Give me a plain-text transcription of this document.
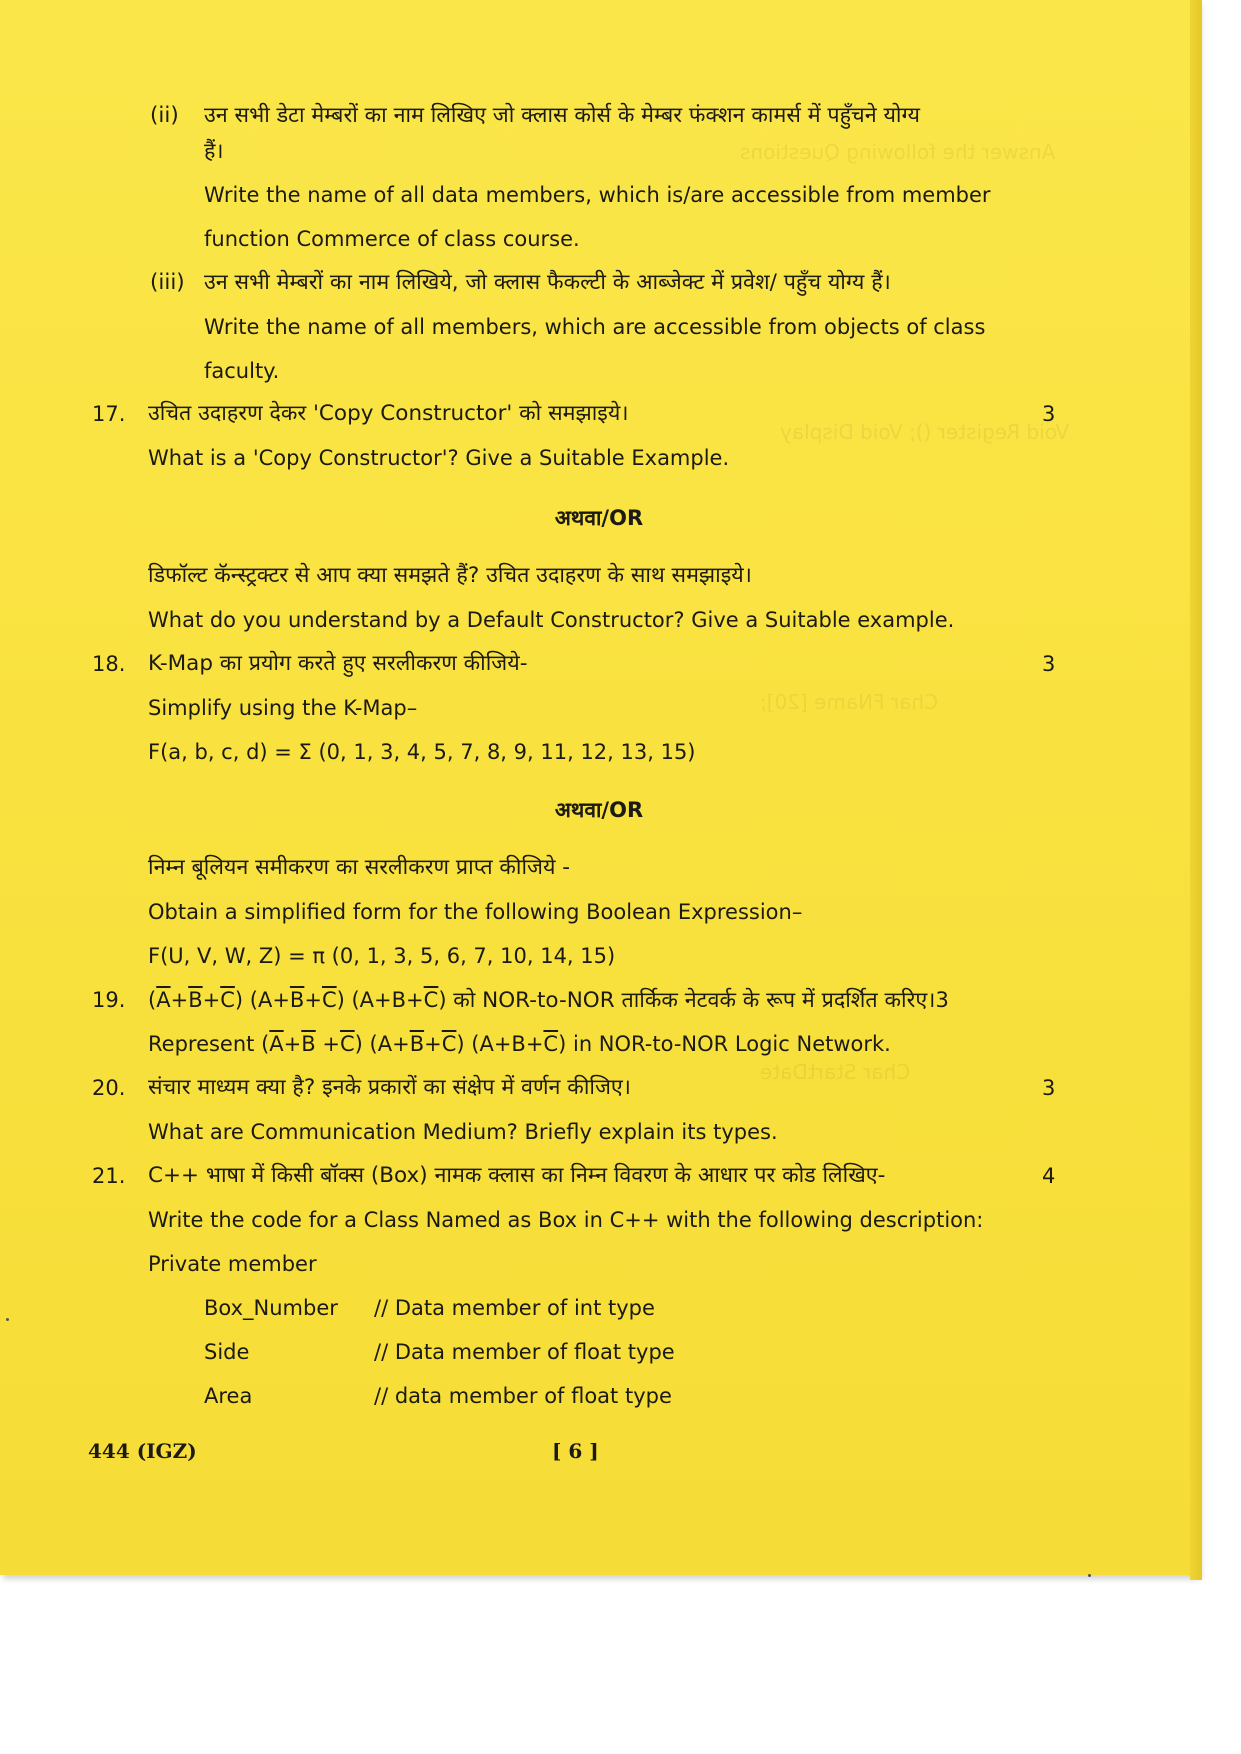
Answer the following Questions
Void Register (); Void Display
Char FName [20];
Char StartDate
(ii) उन सभी डेटा मेम्बरों का नाम लिखिए जो क्लास कोर्स के मेम्बर फंक्शन कामर्स में पहुँचने योग्य
हैं।
Write the name of all data members, which is/are accessible from member
function Commerce of class course.
(iii) उन सभी मेम्बरों का नाम लिखिये, जो क्लास फैकल्टी के आब्जेक्ट में प्रवेश/ पहुँच योग्य हैं।
Write the name of all members, which are accessible from objects of class
faculty.
17. उचित उदाहरण देकर 'Copy Constructor' को समझाइये।	3
What is a 'Copy Constructor'? Give a Suitable Example.
अथवा/OR
डिफॉल्ट कॅन्स्ट्रक्टर से आप क्या समझते हैं? उचित उदाहरण के साथ समझाइये।
What do you understand by a Default Constructor? Give a Suitable example.
18. K-Map का प्रयोग करते हुए सरलीकरण कीजिये-	3
Simplify using the K-Map–
F(a, b, c, d) = Σ (0, 1, 3, 4, 5, 7, 8, 9, 11, 12, 13, 15)
अथवा/OR
निम्न बूलियन समीकरण का सरलीकरण प्राप्त कीजिये -
Obtain a simplified form for the following Boolean Expression–
F(U, V, W, Z) = π (0, 1, 3, 5, 6, 7, 10, 14, 15)
19. $(\overline{A}+\overline{B}+\overline{C})$ $(A+\overline{B}+\overline{C})$ $(A+B+\overline{C})$ को NOR-to-NOR तार्किक नेटवर्क के रूप में प्रदर्शित करिए।3
Represent $(\overline{A}+\overline{B} +\overline{C})$ $(A+\overline{B}+\overline{C})$ $(A+B+\overline{C})$ in NOR-to-NOR Logic Network.
20. संचार माध्यम क्या है? इनके प्रकारों का संक्षेप में वर्णन कीजिए।	3
What are Communication Medium? Briefly explain its types.
21. C++ भाषा में किसी बॉक्स (Box) नामक क्लास का निम्न विवरण के आधार पर कोड लिखिए-	4
Write the code for a Class Named as Box in C++ with the following description:
Private member
Box_Number // Data member of int type
Side	// Data member of float type
Area	// data member of float type
444 (IGZ)	[ 6 ]
